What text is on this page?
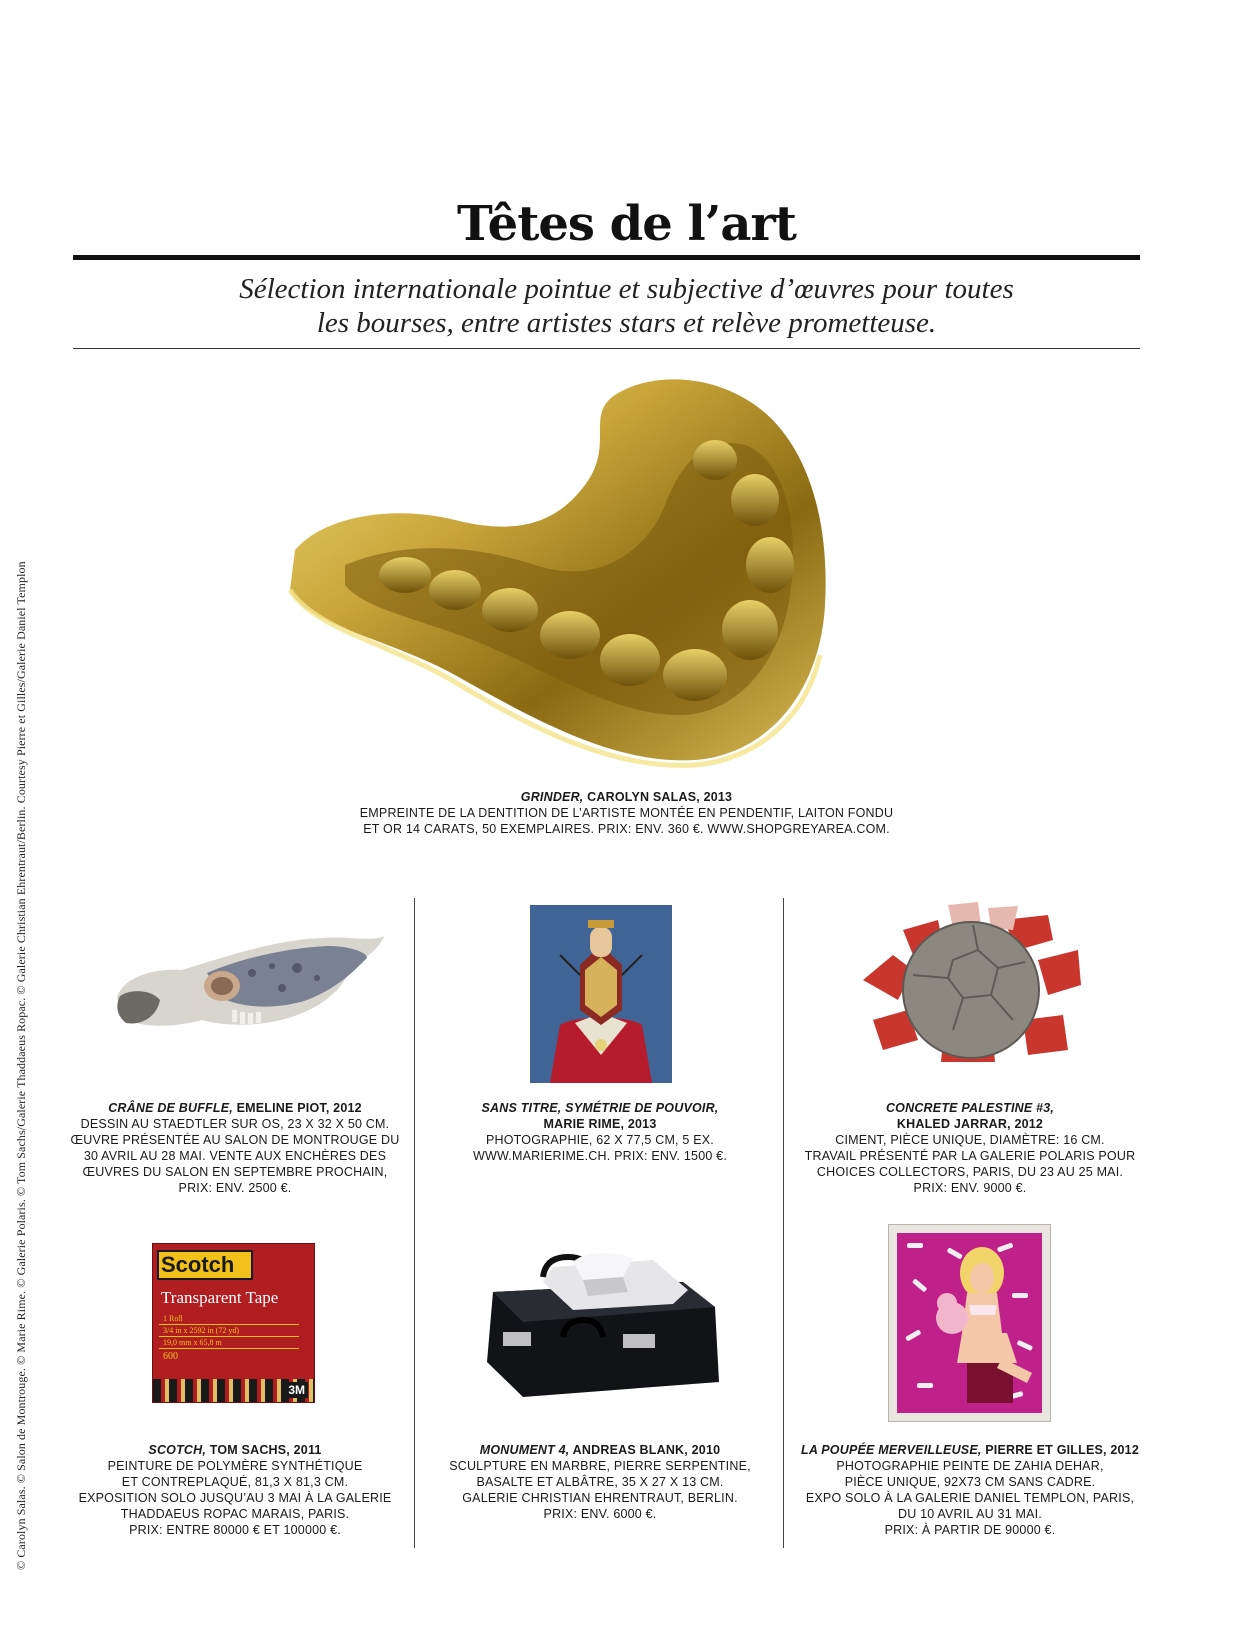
© Carolyn Salas. © Salon de Montrouge. © Marie Rime. © Galerie Polaris. © Tom Sachs/Galerie Thaddaeus Ropac. © Galerie Christian Ehrentraut/Berlin. Courtesy Pierre et Gilles/Galerie Daniel Templon
Têtes de l’art
Sélection internationale pointue et subjective d’œuvres pour toutes
les bourses, entre artistes stars et relève prometteuse.
GRINDER, CAROLYN SALAS, 2013
EMPREINTE DE LA DENTITION DE L’ARTISTE MONTÉE EN PENDENTIF, LAITON FONDU
ET OR 14 CARATS, 50 EXEMPLAIRES. PRIX: ENV. 360 €. WWW.SHOPGREYAREA.COM.
CRÂNE DE BUFFLE, EMELINE PIOT, 2012
DESSIN AU STAEDTLER SUR OS, 23 X 32 X 50 CM.
ŒUVRE PRÉSENTÉE AU SALON DE MONTROUGE DU
30 AVRIL AU 28 MAI. VENTE AUX ENCHÈRES DES
ŒUVRES DU SALON EN SEPTEMBRE PROCHAIN,
PRIX: ENV. 2500 €.
SANS TITRE, SYMÉTRIE DE POUVOIR,
MARIE RIME, 2013
PHOTOGRAPHIE, 62 X 77,5 CM, 5 EX.
WWW.MARIERIME.CH. PRIX: ENV. 1500 €.
CONCRETE PALESTINE #3,
KHALED JARRAR, 2012
CIMENT, PIÈCE UNIQUE, DIAMÈTRE: 16 CM.
TRAVAIL PRÉSENTÉ PAR LA GALERIE POLARIS POUR
CHOICES COLLECTORS, PARIS, DU 23 AU 25 MAI.
PRIX: ENV. 9000 €.
Scotch
Transparent Tape
1 Roll
3/4 in x 2592 in (72 yd)
19,0 mm x 65,8 m
600
3M
SCOTCH, TOM SACHS, 2011
PEINTURE DE POLYMÈRE SYNTHÉTIQUE
ET CONTREPLAQUÉ, 81,3 X 81,3 CM.
EXPOSITION SOLO JUSQU’AU 3 MAI À LA GALERIE
THADDAEUS ROPAC MARAIS, PARIS.
PRIX: ENTRE 80000 € ET 100000 €.
MONUMENT 4, ANDREAS BLANK, 2010
SCULPTURE EN MARBRE, PIERRE SERPENTINE,
BASALTE ET ALBÂTRE, 35 X 27 X 13 CM.
GALERIE CHRISTIAN EHRENTRAUT, BERLIN.
PRIX: ENV. 6000 €.
LA POUPÉE MERVEILLEUSE, PIERRE ET GILLES, 2012
PHOTOGRAPHIE PEINTE DE ZAHIA DEHAR,
PIÈCE UNIQUE, 92X73 CM SANS CADRE.
EXPO SOLO À LA GALERIE DANIEL TEMPLON, PARIS,
DU 10 AVRIL AU 31 MAI.
PRIX: À PARTIR DE 90000 €.
